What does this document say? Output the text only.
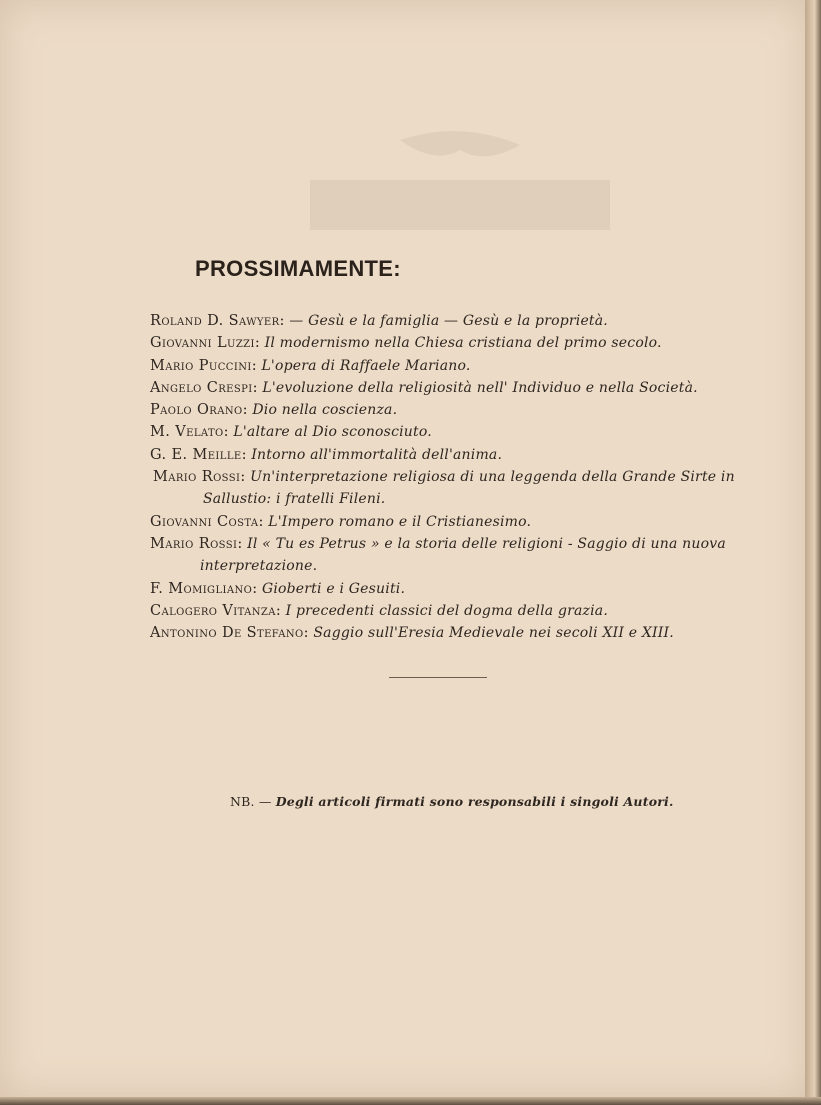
PROSSIMAMENTE:

Roland D. Sawyer: — Gesù e la famiglia — Gesù e la proprietà.

Giovanni Luzzi: Il modernismo nella Chiesa cristiana del primo secolo.

Mario Puccini: L'opera di Raffaele Mariano.

Angelo Crespi: L'evoluzione della religiosità nell' Individuo e nella Società.

Paolo Orano: Dio nella coscienza.

M. Velato: L'altare al Dio sconosciuto.

G. E. Meille: Intorno all'immortalità dell'anima.

Mario Rossi: Un'interpretazione religiosa di una leggenda della Grande Sirte in
Sallustio: i fratelli Fileni.

Giovanni Costa: L'Impero romano e il Cristianesimo.

Mario Rossi: Il « Tu es Petrus » e la storia delle religioni - Saggio di una nuova
interpretazione.

F. Momigliano: Gioberti e i Gesuiti.

Calogero Vitanza: I precedenti classici del dogma della grazia.

Antonino De Stefano: Saggio sull'Eresia Medievale nei secoli XII e XIII.

NB. — Degli articoli firmati sono responsabili i singoli Autori.
